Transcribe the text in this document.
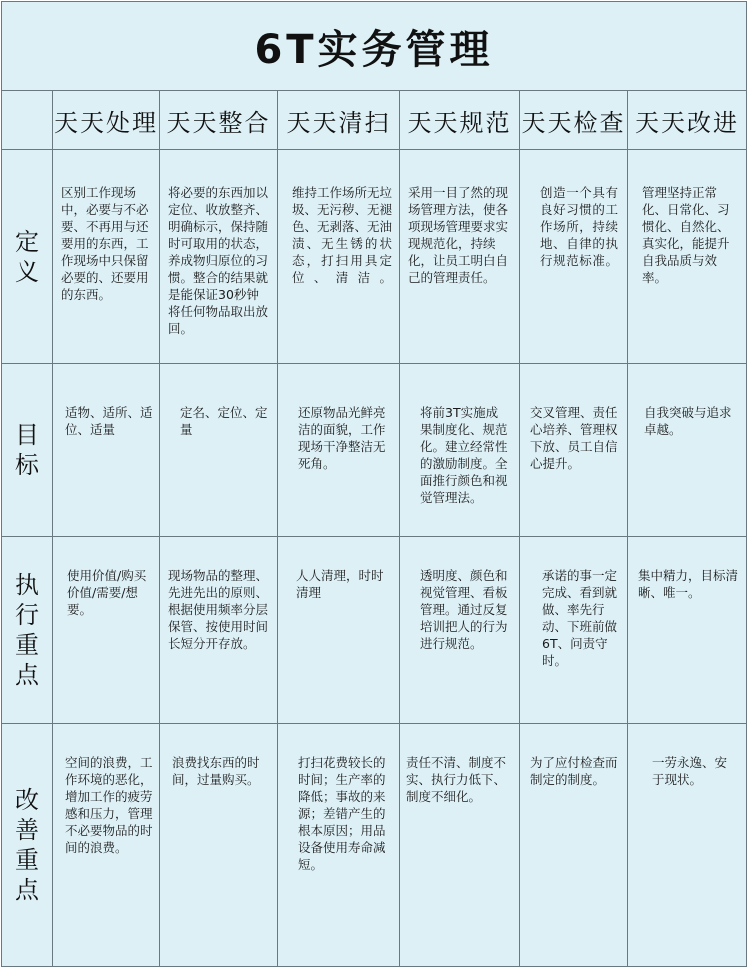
6T实务管理
天天处理 天天整合 天天清扫 天天规范 天天检查 天天改进
定义
区别工作现场中，必要与不必要、不再用与还要用的东西，工作现场中只保留必要的、还要用的东西。
将必要的东西加以定位、收放整齐、明确标示，保持随时可取用的状态，养成物归原位的习惯。整合的结果就是能保证30秒钟将任何物品取出放回。
维持工作场所无垃圾、无污秽、无褪色、无剥落、无油渍、无生锈的状态，打扫用具定位、清洁。
采用一目了然的现场管理方法，使各项现场管理要求实现规范化，持续化，让员工明白自己的管理责任。
创造一个具有良好习惯的工作场所，持续地、自律的执行规范标准。
管理坚持正常化、日常化、习惯化、自然化、真实化，能提升自我品质与效率。
目标
适物、适所、适位、适量
定名、定位、定量
还原物品光鲜亮洁的面貌，工作现场干净整洁无死角。
将前3T实施成果制度化、规范化。建立经常性的激励制度。全面推行颜色和视觉管理法。
交叉管理、责任心培养、管理权下放、员工自信心提升。
自我突破与追求卓越。
执行重点
使用价值/购买价值/需要/想要。
现场物品的整理、先进先出的原则、根据使用频率分层保管、按使用时间长短分开存放。
人人清理，时时清理
透明度、颜色和视觉管理、看板管理。通过反复培训把人的行为进行规范。
承诺的事一定完成、看到就做、率先行动、下班前做6T、问责守时。
集中精力，目标清晰、唯一。
改善重点
空间的浪费，工作环境的恶化，增加工作的疲劳感和压力，管理不必要物品的时间的浪费。
浪费找东西的时间，过量购买。
打扫花费较长的时间；生产率的降低；事故的来源；差错产生的根本原因；用品设备使用寿命减短。
责任不清、制度不实、执行力低下、制度不细化。
为了应付检查而制定的制度。
一劳永逸、安于现状。
